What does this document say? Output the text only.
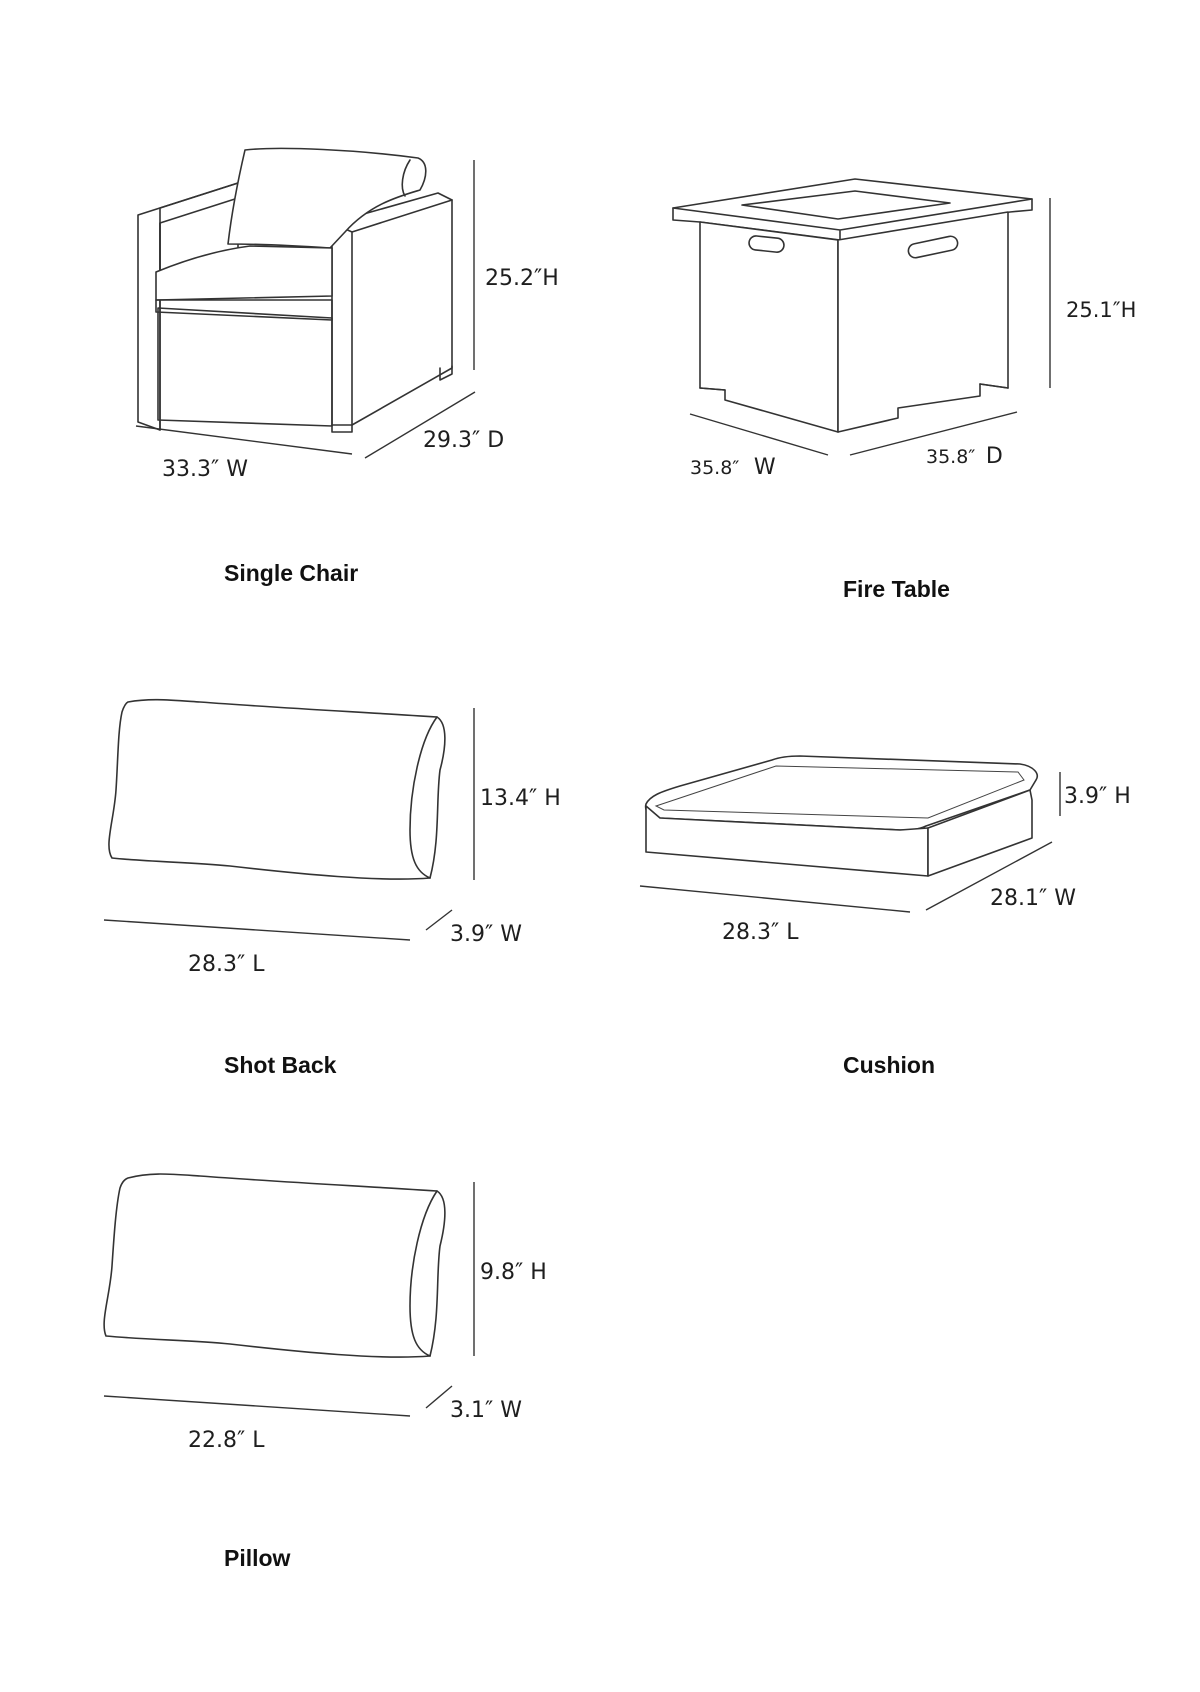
25.2″H
29.3″ D
33.3″ W
Single Chair
25.1″H
35.8″ W	35.8″ D
Fire Table
13.4″ H
3.9″ W
28.3″ L
Shot Back
3.9″ H
28.1″ W
28.3″ L
Cushion
9.8″ H
3.1″ W
22.8″ L
Pillow
